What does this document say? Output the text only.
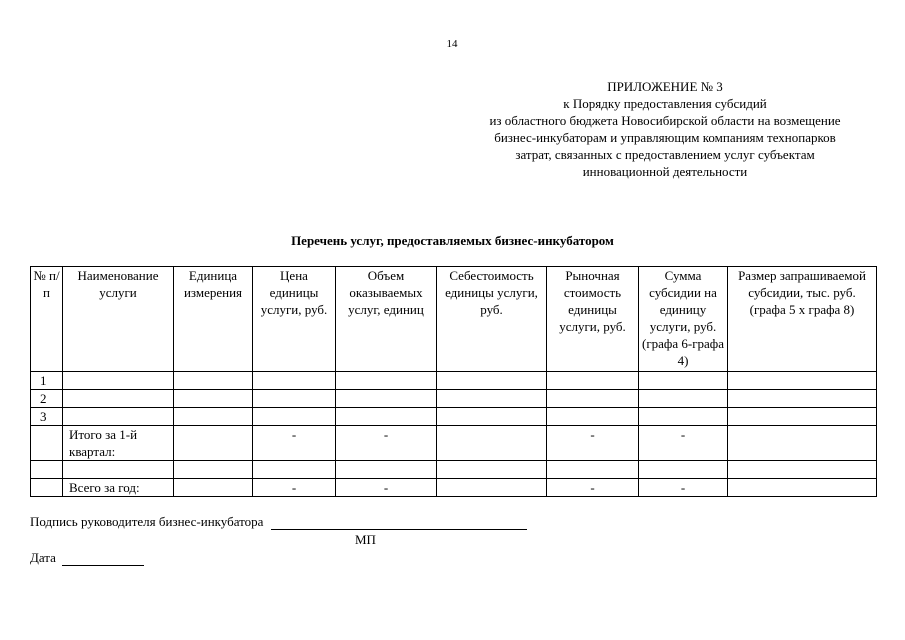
14
ПРИЛОЖЕНИЕ № 3
к Порядку предоставления субсидий
из областного бюджета Новосибирской области на возмещение
бизнес-инкубаторам и управляющим компаниям технопарков
затрат, связанных с предоставлением услуг субъектам
инновационной деятельности
Перечень услуг, предоставляемых бизнес-инкубатором
№ п/п	Наименование услуги	Единица измерения	Цена единицы услуги, руб.	Объем оказываемых услуг, единиц	Себестоимость единицы услуги, руб.	Рыночная стоимость единицы услуги, руб.	Сумма субсидии на единицу услуги, руб. (графа 6-графа 4)	Размер запрашиваемой субсидии, тыс. руб. (графа 5 x графа 8)
1								
2								
3								
	Итого за 1-й квартал:		-	-		-	-	

	Всего за год:		-	-		-	-	
Подпись руководителя бизнес-инкубатора
МП
Дата
